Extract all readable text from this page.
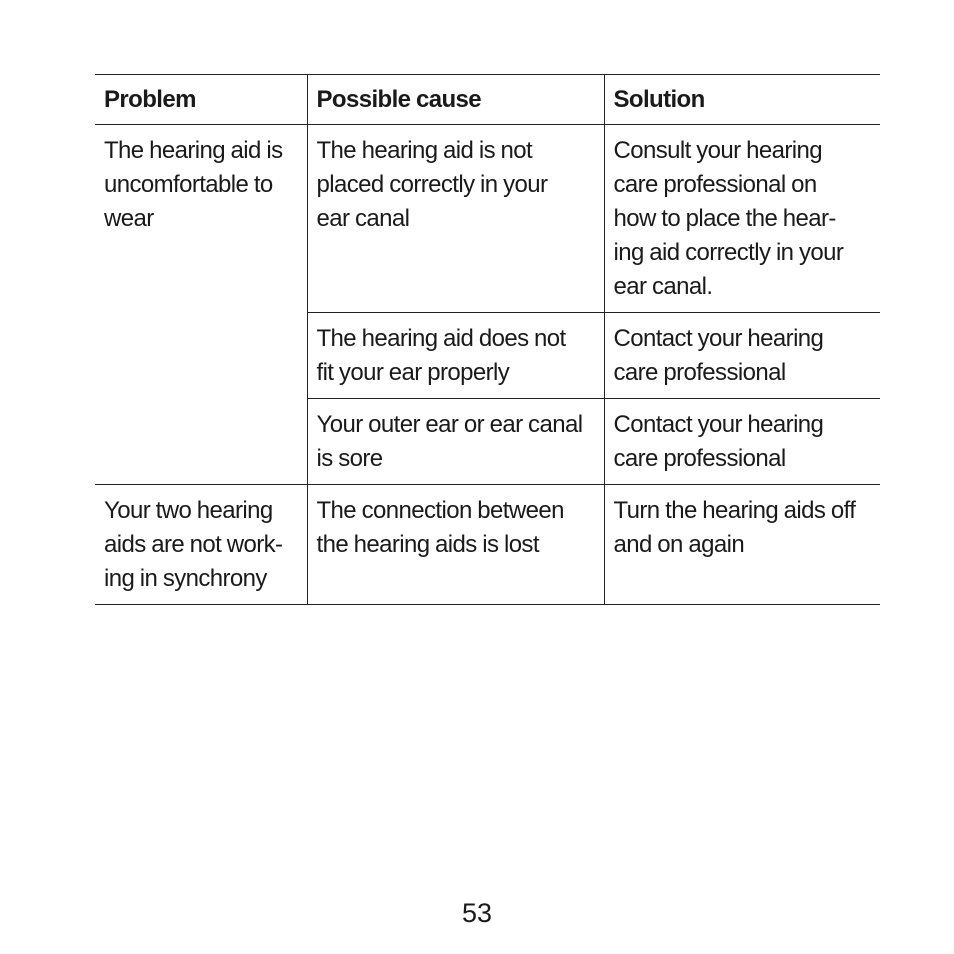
Problem	Possible cause	Solution

The hearing aid is
uncomfortable to
wear	The hearing aid is not
placed correctly in your
ear canal	Consult your hearing
care professional on
how to place the hear-
ing aid correctly in your
ear canal.

	The hearing aid does not
fit your ear properly	Contact your hearing
care professional

	Your outer ear or ear canal
is sore	Contact your hearing
care professional

Your two hearing
aids are not work-
ing in synchrony	The connection between
the hearing aids is lost	Turn the hearing aids off
and on again
53
